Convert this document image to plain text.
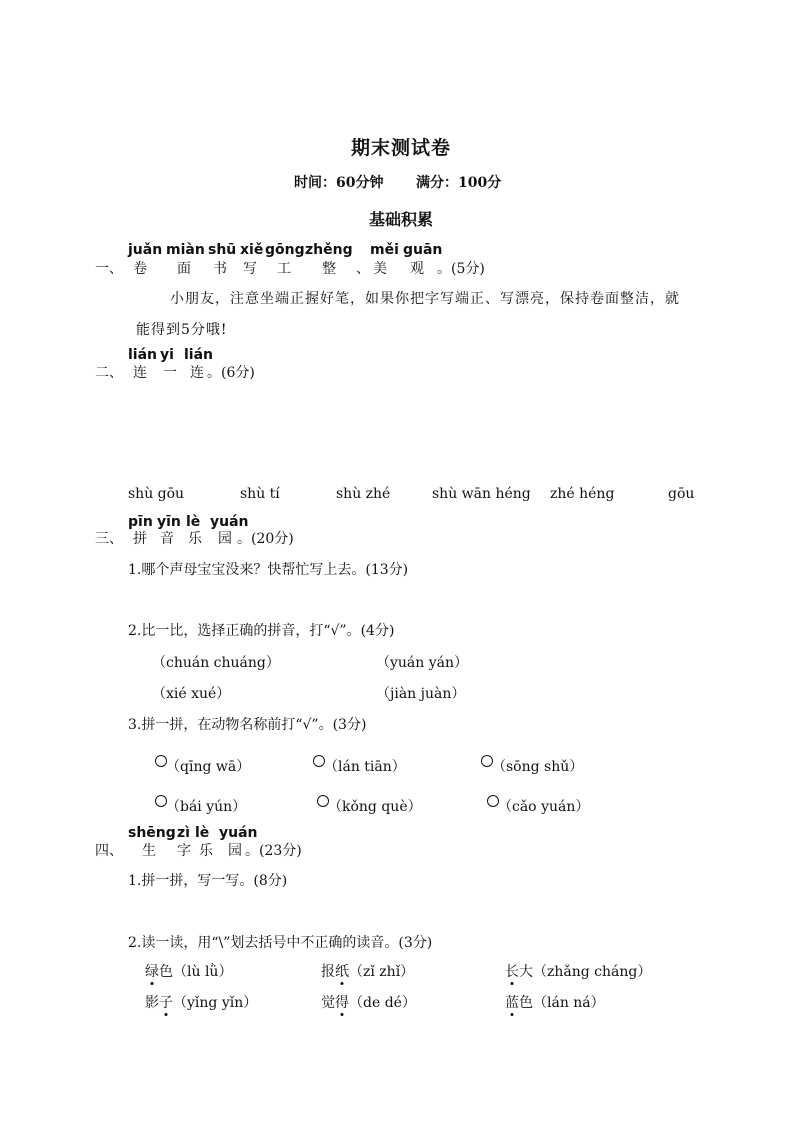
期末测试卷
时间：60分钟 满分：100分
基础积累
juǎn miàn shū xiě gōng zhěng měi guān
一、 卷 面 书 写 工 整 、 美 观 。(5分)
小朋友，注意坐端正握好笔，如果你把字写端正、写漂亮，保持卷面整洁，就
能得到5分哦!
lián yi lián
二、 连 一 连 。(6分)
shù gōu	shù tí	shù zhé	shù wān héng zhé héng	gōu
pīn yīn lè yuán
三、 拼 音 乐 园 。(20分)
1.哪个声母宝宝没来？快帮忙写上去。(13分)
2.比一比，选择正确的拼音，打“√”。(4分)
（chuán chuáng）	（yuán yán）
（xié xué）	（jiàn juàn）
3.拼一拼，在动物名称前打“√”。(3分)
（qīng wā）	（lán tiān）	（sōng shǔ）
（bái yún）	（kǒng què）	（cǎo yuán）
shēng zì lè yuán
四、 生 字 乐 园 。(23分)
1.拼一拼，写一写。(8分)
2.读一读，用“\”划去括号中不正确的读音。(3分)
绿色（lù lǜ）	报纸（zǐ zhǐ）	长大（zhǎng cháng）
影子（yǐng yǐn）	觉得（de dé）	蓝色（lán ná）
